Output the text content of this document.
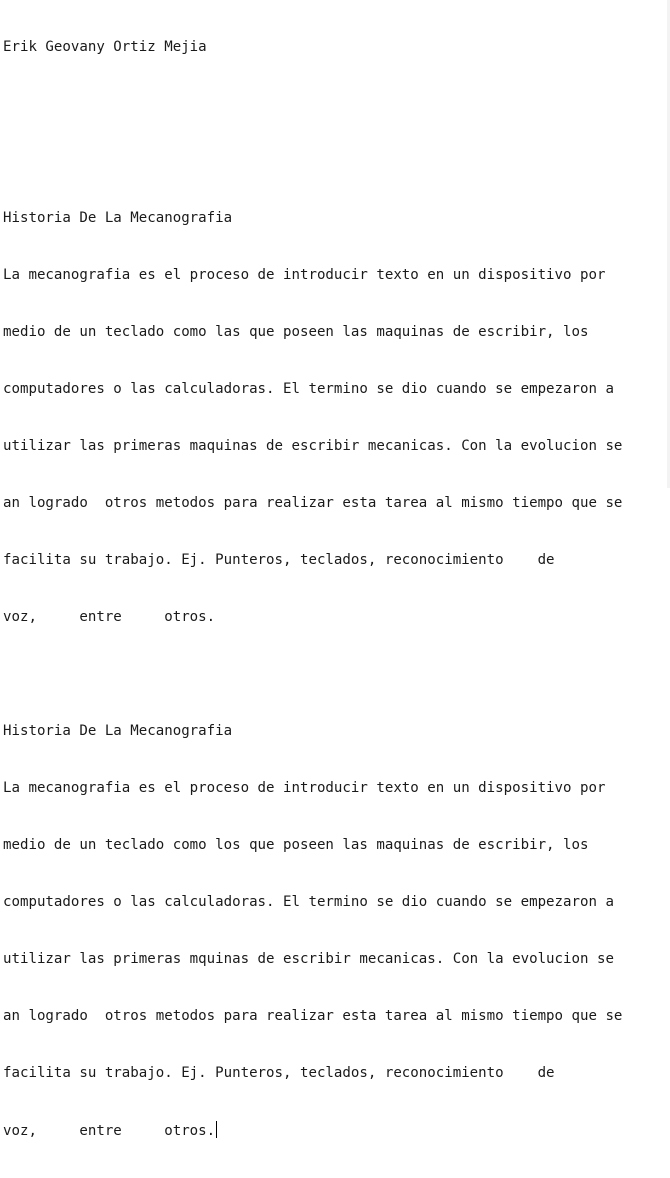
Erik Geovany Ortiz Mejia

Historia De La Mecanografia

La mecanografia es el proceso de introducir texto en un dispositivo por

medio de un teclado como las que poseen las maquinas de escribir, los

computadores o las calculadoras. El termino se dio cuando se empezaron a

utilizar las primeras maquinas de escribir mecanicas. Con la evolucion se

an logrado  otros metodos para realizar esta tarea al mismo tiempo que se

facilita su trabajo. Ej. Punteros, teclados, reconocimiento    de

voz,     entre     otros.

Historia De La Mecanografia

La mecanografia es el proceso de introducir texto en un dispositivo por

medio de un teclado como los que poseen las maquinas de escribir, los

computadores o las calculadoras. El termino se dio cuando se empezaron a

utilizar las primeras mquinas de escribir mecanicas. Con la evolucion se

an logrado  otros metodos para realizar esta tarea al mismo tiempo que se

facilita su trabajo. Ej. Punteros, teclados, reconocimiento    de

voz,     entre     otros.
